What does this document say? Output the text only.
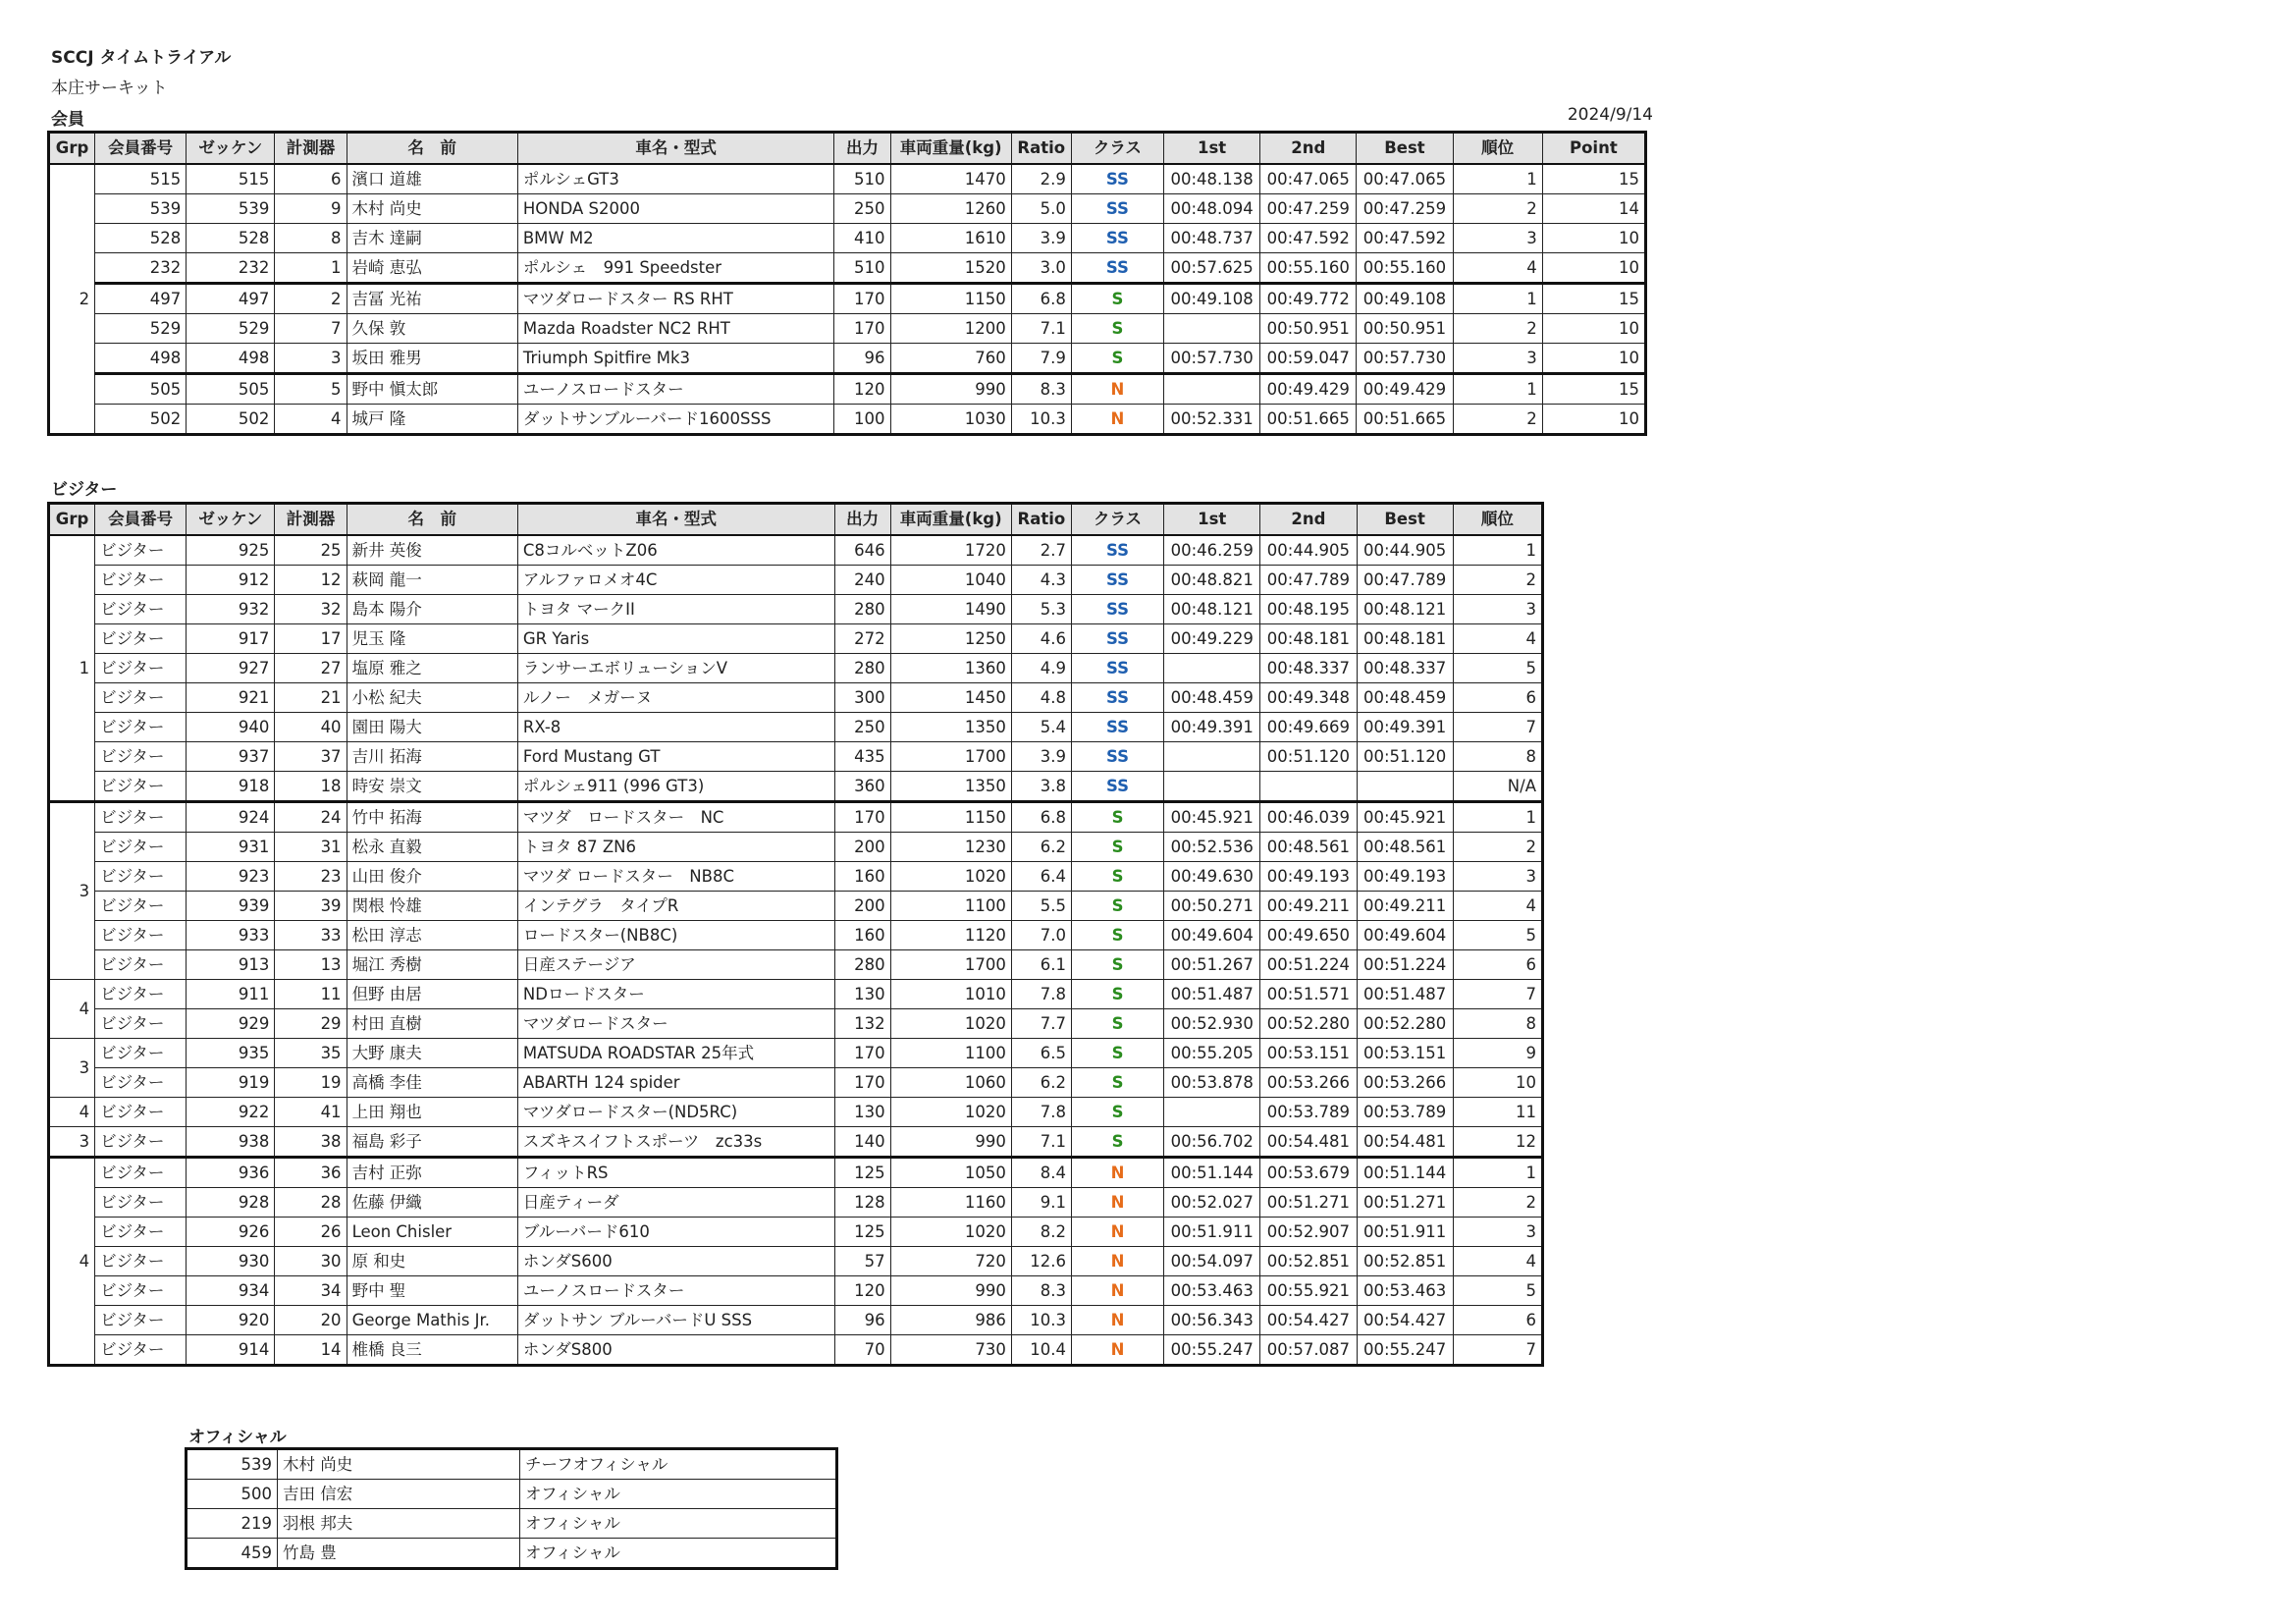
SCCJ タイムトライアル
本庄サーキット
会員	2024/9/14
Grp	会員番号	ゼッケン	計測器	名　前	車名・型式	出力	車両重量(kg)	Ratio	クラス	1st	2nd	Best	順位	Point
2	515	515	6	濱口 道雄	ポルシェGT3	510	1470	2.9	SS	00:48.138	00:47.065	00:47.065	1	15
	539	539	9	木村 尚史	HONDA S2000	250	1260	5.0	SS	00:48.094	00:47.259	00:47.259	2	14
	528	528	8	吉木 達嗣	BMW M2	410	1610	3.9	SS	00:48.737	00:47.592	00:47.592	3	10
	232	232	1	岩崎 恵弘	ポルシェ　991 Speedster	510	1520	3.0	SS	00:57.625	00:55.160	00:55.160	4	10
	497	497	2	吉冨 光祐	マツダロードスター RS RHT	170	1150	6.8	S	00:49.108	00:49.772	00:49.108	1	15
	529	529	7	久保 敦	Mazda Roadster NC2 RHT	170	1200	7.1	S		00:50.951	00:50.951	2	10
	498	498	3	坂田 雅男	Triumph Spitfire Mk3	96	760	7.9	S	00:57.730	00:59.047	00:57.730	3	10
	505	505	5	野中 愼太郎	ユーノスロードスター	120	990	8.3	N		00:49.429	00:49.429	1	15
	502	502	4	城戸 隆	ダットサンブルーバード1600SSS	100	1030	10.3	N	00:52.331	00:51.665	00:51.665	2	10
ビジター
Grp	会員番号	ゼッケン	計測器	名　前	車名・型式	出力	車両重量(kg)	Ratio	クラス	1st	2nd	Best	順位
1	ビジター	925	25	新井 英俊	C8コルベットZ06	646	1720	2.7	SS	00:46.259	00:44.905	00:44.905	1
	ビジター	912	12	萩岡 龍一	アルファロメオ4C	240	1040	4.3	SS	00:48.821	00:47.789	00:47.789	2
	ビジター	932	32	島本 陽介	トヨタ マークII	280	1490	5.3	SS	00:48.121	00:48.195	00:48.121	3
	ビジター	917	17	児玉 隆	GR Yaris	272	1250	4.6	SS	00:49.229	00:48.181	00:48.181	4
	ビジター	927	27	塩原 雅之	ランサーエボリューションV	280	1360	4.9	SS		00:48.337	00:48.337	5
	ビジター	921	21	小松 紀夫	ルノー　メガーヌ	300	1450	4.8	SS	00:48.459	00:49.348	00:48.459	6
	ビジター	940	40	園田 陽大	RX-8	250	1350	5.4	SS	00:49.391	00:49.669	00:49.391	7
	ビジター	937	37	吉川 拓海	Ford Mustang GT	435	1700	3.9	SS		00:51.120	00:51.120	8
	ビジター	918	18	時安 崇文	ポルシェ911 (996 GT3)	360	1350	3.8	SS				N/A
3	ビジター	924	24	竹中 拓海	マツダ　ロードスター　NC	170	1150	6.8	S	00:45.921	00:46.039	00:45.921	1
	ビジター	931	31	松永 直毅	トヨタ 87 ZN6	200	1230	6.2	S	00:52.536	00:48.561	00:48.561	2
	ビジター	923	23	山田 俊介	マツダ ロードスター　NB8C	160	1020	6.4	S	00:49.630	00:49.193	00:49.193	3
	ビジター	939	39	関根 怜雄	インテグラ　タイプR	200	1100	5.5	S	00:50.271	00:49.211	00:49.211	4
	ビジター	933	33	松田 淳志	ロードスター(NB8C)	160	1120	7.0	S	00:49.604	00:49.650	00:49.604	5
	ビジター	913	13	堀江 秀樹	日産ステージア	280	1700	6.1	S	00:51.267	00:51.224	00:51.224	6
4	ビジター	911	11	但野 由居	NDロードスター	130	1010	7.8	S	00:51.487	00:51.571	00:51.487	7
	ビジター	929	29	村田 直樹	マツダロードスター	132	1020	7.7	S	00:52.930	00:52.280	00:52.280	8
3	ビジター	935	35	大野 康夫	MATSUDA ROADSTAR 25年式	170	1100	6.5	S	00:55.205	00:53.151	00:53.151	9
	ビジター	919	19	高橋 李佳	ABARTH 124 spider	170	1060	6.2	S	00:53.878	00:53.266	00:53.266	10
4	ビジター	922	41	上田 翔也	マツダロードスター(ND5RC)	130	1020	7.8	S		00:53.789	00:53.789	11
3	ビジター	938	38	福島 彩子	スズキスイフトスポーツ　zc33s	140	990	7.1	S	00:56.702	00:54.481	00:54.481	12
4	ビジター	936	36	吉村 正弥	フィットRS	125	1050	8.4	N	00:51.144	00:53.679	00:51.144	1
	ビジター	928	28	佐藤 伊織	日産ティーダ	128	1160	9.1	N	00:52.027	00:51.271	00:51.271	2
	ビジター	926	26	Leon Chisler	ブルーバード610	125	1020	8.2	N	00:51.911	00:52.907	00:51.911	3
	ビジター	930	30	原 和史	ホンダS600	57	720	12.6	N	00:54.097	00:52.851	00:52.851	4
	ビジター	934	34	野中 聖	ユーノスロードスター	120	990	8.3	N	00:53.463	00:55.921	00:53.463	5
	ビジター	920	20	George Mathis Jr.	ダットサン ブルーバードU SSS	96	986	10.3	N	00:56.343	00:54.427	00:54.427	6
	ビジター	914	14	椎橋 良三	ホンダS800	70	730	10.4	N	00:55.247	00:57.087	00:55.247	7
オフィシャル
539	木村 尚史	チーフオフィシャル
500	吉田 信宏	オフィシャル
219	羽根 邦夫	オフィシャル
459	竹島 豊	オフィシャル
